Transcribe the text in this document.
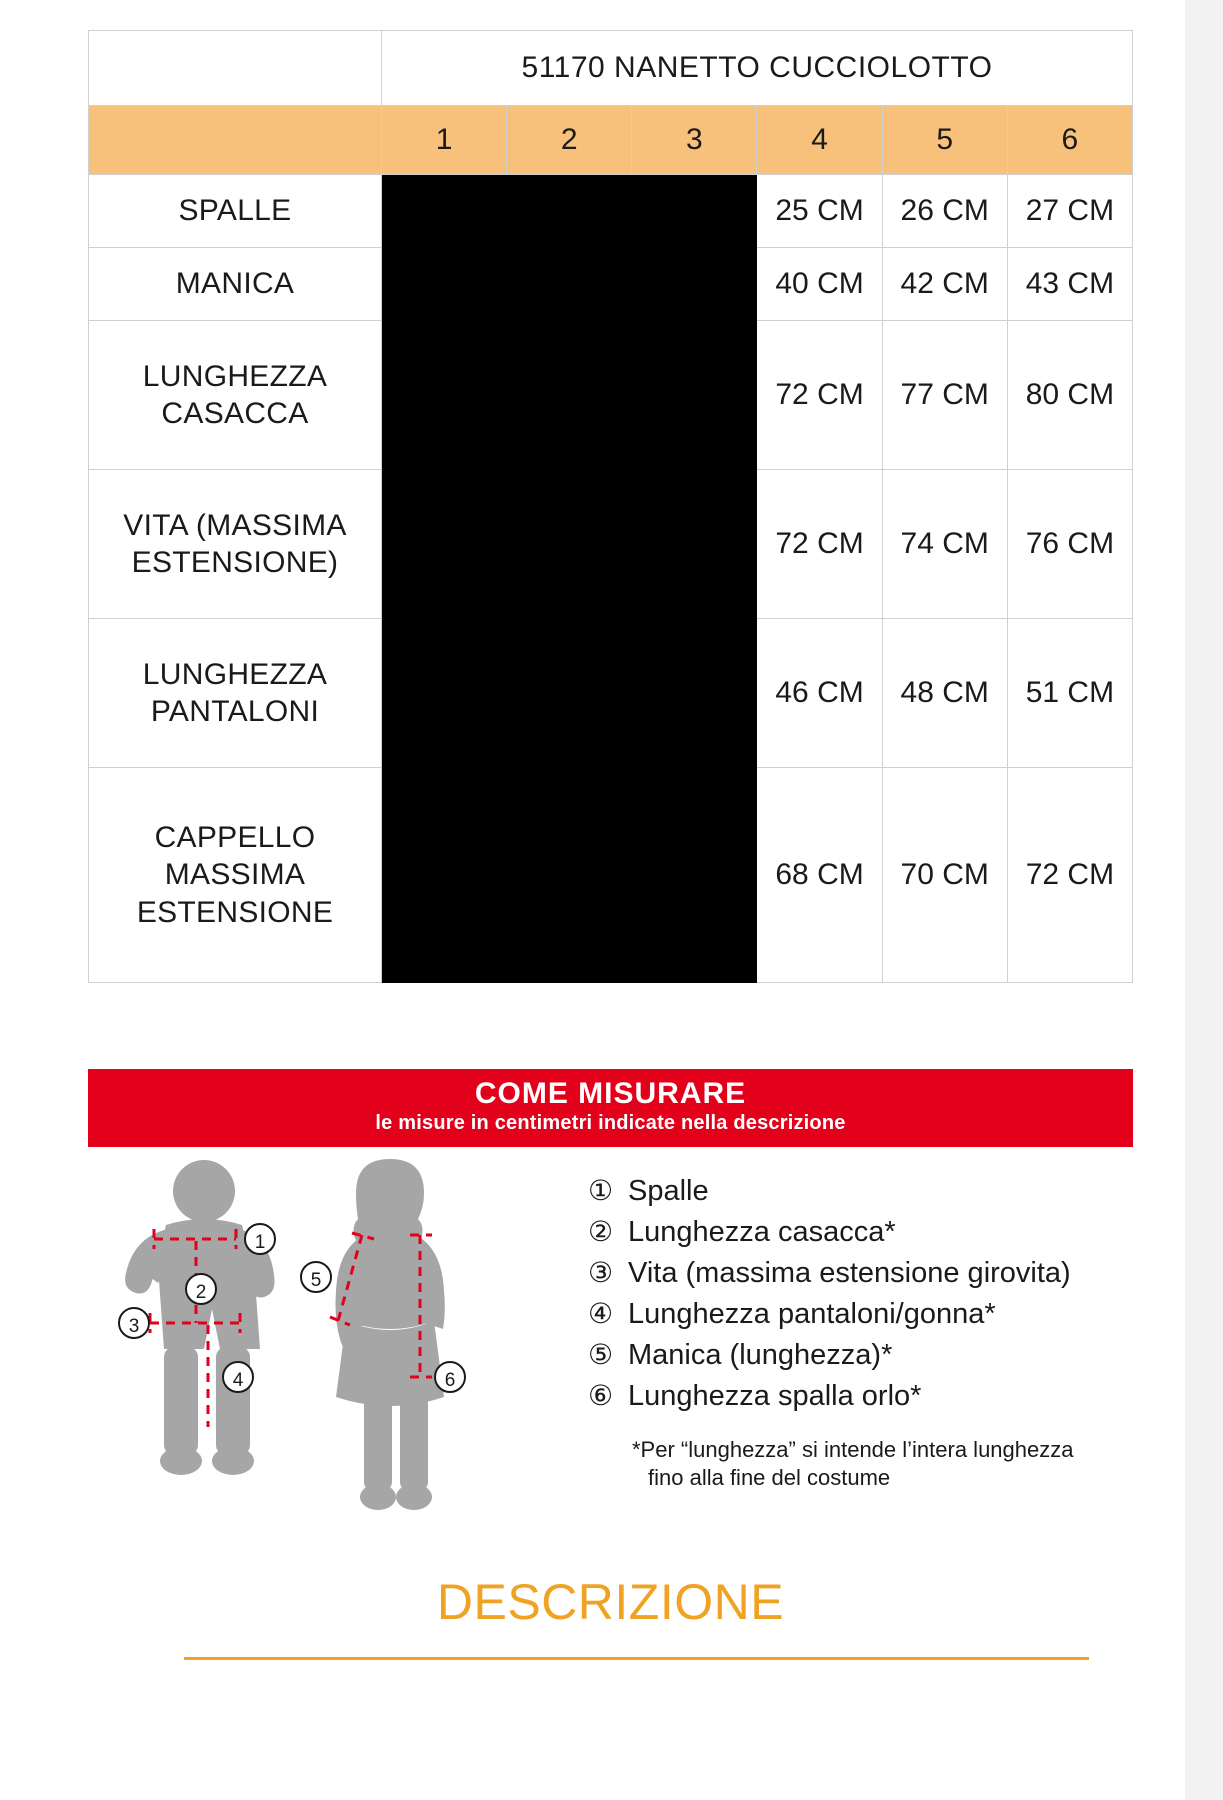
	51170 NANETTO CUCCIOLOTTO					
	1	2	3	4	5	6
SPALLE				25 CM	26 CM	27 CM
MANICA				40 CM	42 CM	43 CM
LUNGHEZZA
CASACCA				72 CM	77 CM	80 CM
VITA (MASSIMA
ESTENSIONE)				72 CM	74 CM	76 CM
LUNGHEZZA
PANTALONI				46 CM	48 CM	51 CM
CAPPELLO
MASSIMA
ESTENSIONE				68 CM	70 CM	72 CM
COME MISURARE
le misure in centimetri indicate nella descrizione
1
2
3
4
5
6
① Spalle
② Lunghezza casacca*
③ Vita (massima estensione girovita)
④ Lunghezza pantaloni/gonna*
⑤ Manica (lunghezza)*
⑥ Lunghezza spalla orlo*
*Per “lunghezza” si intende l’intera lunghezza
fino alla fine del costume
DESCRIZIONE
